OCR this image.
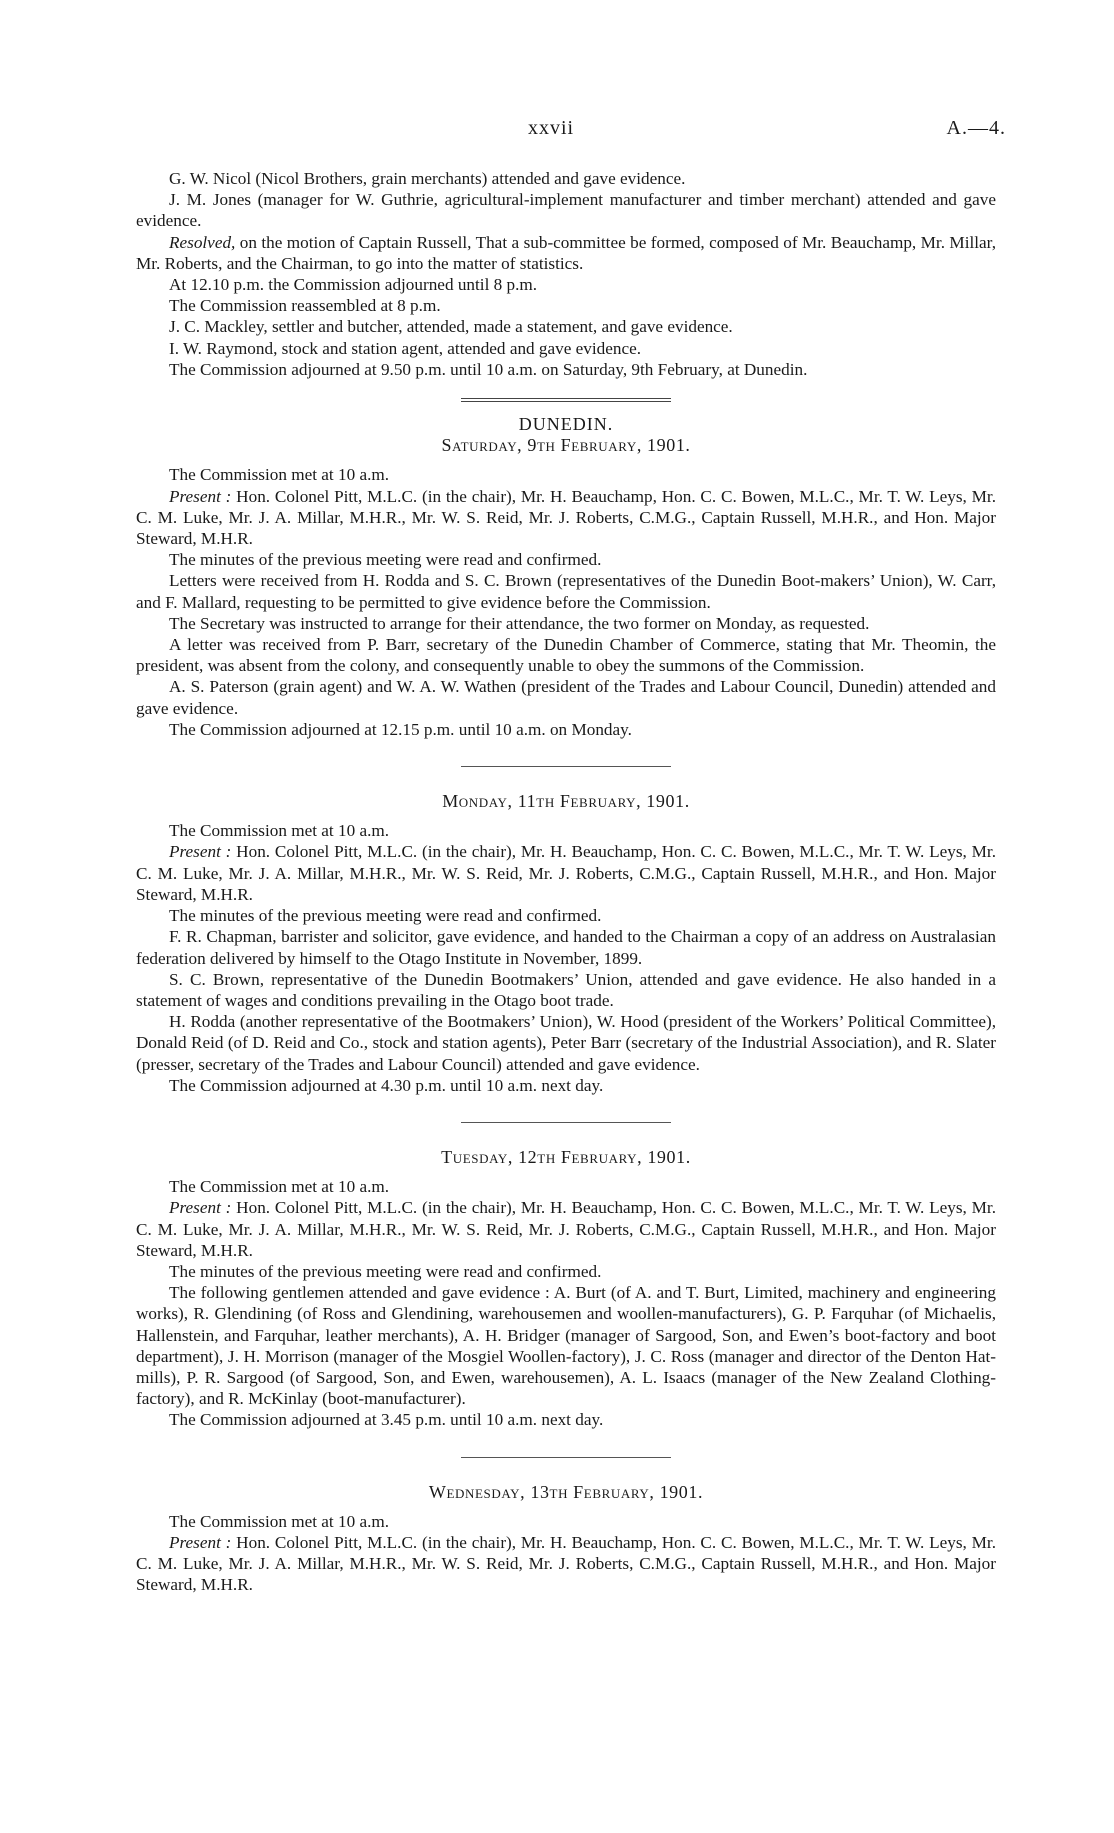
xxvii	A.—4.

G. W. Nicol (Nicol Brothers, grain merchants) attended and gave evidence.

J. M. Jones (manager for W. Guthrie, agricultural-implement manufacturer and timber merchant) attended and gave evidence.

Resolved, on the motion of Captain Russell, That a sub-committee be formed, composed of Mr. Beauchamp, Mr. Millar, Mr. Roberts, and the Chairman, to go into the matter of statistics.

At 12.10 p.m. the Commission adjourned until 8 p.m.

The Commission reassembled at 8 p.m.

J. C. Mackley, settler and butcher, attended, made a statement, and gave evidence.

I. W. Raymond, stock and station agent, attended and gave evidence.

The Commission adjourned at 9.50 p.m. until 10 a.m. on Saturday, 9th February, at Dunedin.

DUNEDIN.
Saturday, 9th February, 1901.

The Commission met at 10 a.m.

Present : Hon. Colonel Pitt, M.L.C. (in the chair), Mr. H. Beauchamp, Hon. C. C. Bowen, M.L.C., Mr. T. W. Leys, Mr. C. M. Luke, Mr. J. A. Millar, M.H.R., Mr. W. S. Reid, Mr. J. Roberts, C.M.G., Captain Russell, M.H.R., and Hon. Major Steward, M.H.R.

The minutes of the previous meeting were read and confirmed.

Letters were received from H. Rodda and S. C. Brown (representatives of the Dunedin Boot-makers’ Union), W. Carr, and F. Mallard, requesting to be permitted to give evidence before the Commission.

The Secretary was instructed to arrange for their attendance, the two former on Monday, as requested.

A letter was received from P. Barr, secretary of the Dunedin Chamber of Commerce, stating that Mr. Theomin, the president, was absent from the colony, and consequently unable to obey the summons of the Commission.

A. S. Paterson (grain agent) and W. A. W. Wathen (president of the Trades and Labour Council, Dunedin) attended and gave evidence.

The Commission adjourned at 12.15 p.m. until 10 a.m. on Monday.

Monday, 11th February, 1901.

The Commission met at 10 a.m.

Present : Hon. Colonel Pitt, M.L.C. (in the chair), Mr. H. Beauchamp, Hon. C. C. Bowen, M.L.C., Mr. T. W. Leys, Mr. C. M. Luke, Mr. J. A. Millar, M.H.R., Mr. W. S. Reid, Mr. J. Roberts, C.M.G., Captain Russell, M.H.R., and Hon. Major Steward, M.H.R.

The minutes of the previous meeting were read and confirmed.

F. R. Chapman, barrister and solicitor, gave evidence, and handed to the Chairman a copy of an address on Australasian federation delivered by himself to the Otago Institute in November, 1899.

S. C. Brown, representative of the Dunedin Bootmakers’ Union, attended and gave evidence. He also handed in a statement of wages and conditions prevailing in the Otago boot trade.

H. Rodda (another representative of the Bootmakers’ Union), W. Hood (president of the Workers’ Political Committee), Donald Reid (of D. Reid and Co., stock and station agents), Peter Barr (secretary of the Industrial Association), and R. Slater (presser, secretary of the Trades and Labour Council) attended and gave evidence.

The Commission adjourned at 4.30 p.m. until 10 a.m. next day.

Tuesday, 12th February, 1901.

The Commission met at 10 a.m.

Present : Hon. Colonel Pitt, M.L.C. (in the chair), Mr. H. Beauchamp, Hon. C. C. Bowen, M.L.C., Mr. T. W. Leys, Mr. C. M. Luke, Mr. J. A. Millar, M.H.R., Mr. W. S. Reid, Mr. J. Roberts, C.M.G., Captain Russell, M.H.R., and Hon. Major Steward, M.H.R.

The minutes of the previous meeting were read and confirmed.

The following gentlemen attended and gave evidence : A. Burt (of A. and T. Burt, Limited, machinery and engineering works), R. Glendining (of Ross and Glendining, warehousemen and woollen-manufacturers), G. P. Farquhar (of Michaelis, Hallenstein, and Farquhar, leather merchants), A. H. Bridger (manager of Sargood, Son, and Ewen’s boot-factory and boot department), J. H. Morrison (manager of the Mosgiel Woollen-factory), J. C. Ross (manager and director of the Denton Hat-mills), P. R. Sargood (of Sargood, Son, and Ewen, warehousemen), A. L. Isaacs (manager of the New Zealand Clothing-factory), and R. McKinlay (boot-manufacturer).

The Commission adjourned at 3.45 p.m. until 10 a.m. next day.

Wednesday, 13th February, 1901.

The Commission met at 10 a.m.

Present : Hon. Colonel Pitt, M.L.C. (in the chair), Mr. H. Beauchamp, Hon. C. C. Bowen, M.L.C., Mr. T. W. Leys, Mr. C. M. Luke, Mr. J. A. Millar, M.H.R., Mr. W. S. Reid, Mr. J. Roberts, C.M.G., Captain Russell, M.H.R., and Hon. Major Steward, M.H.R.
